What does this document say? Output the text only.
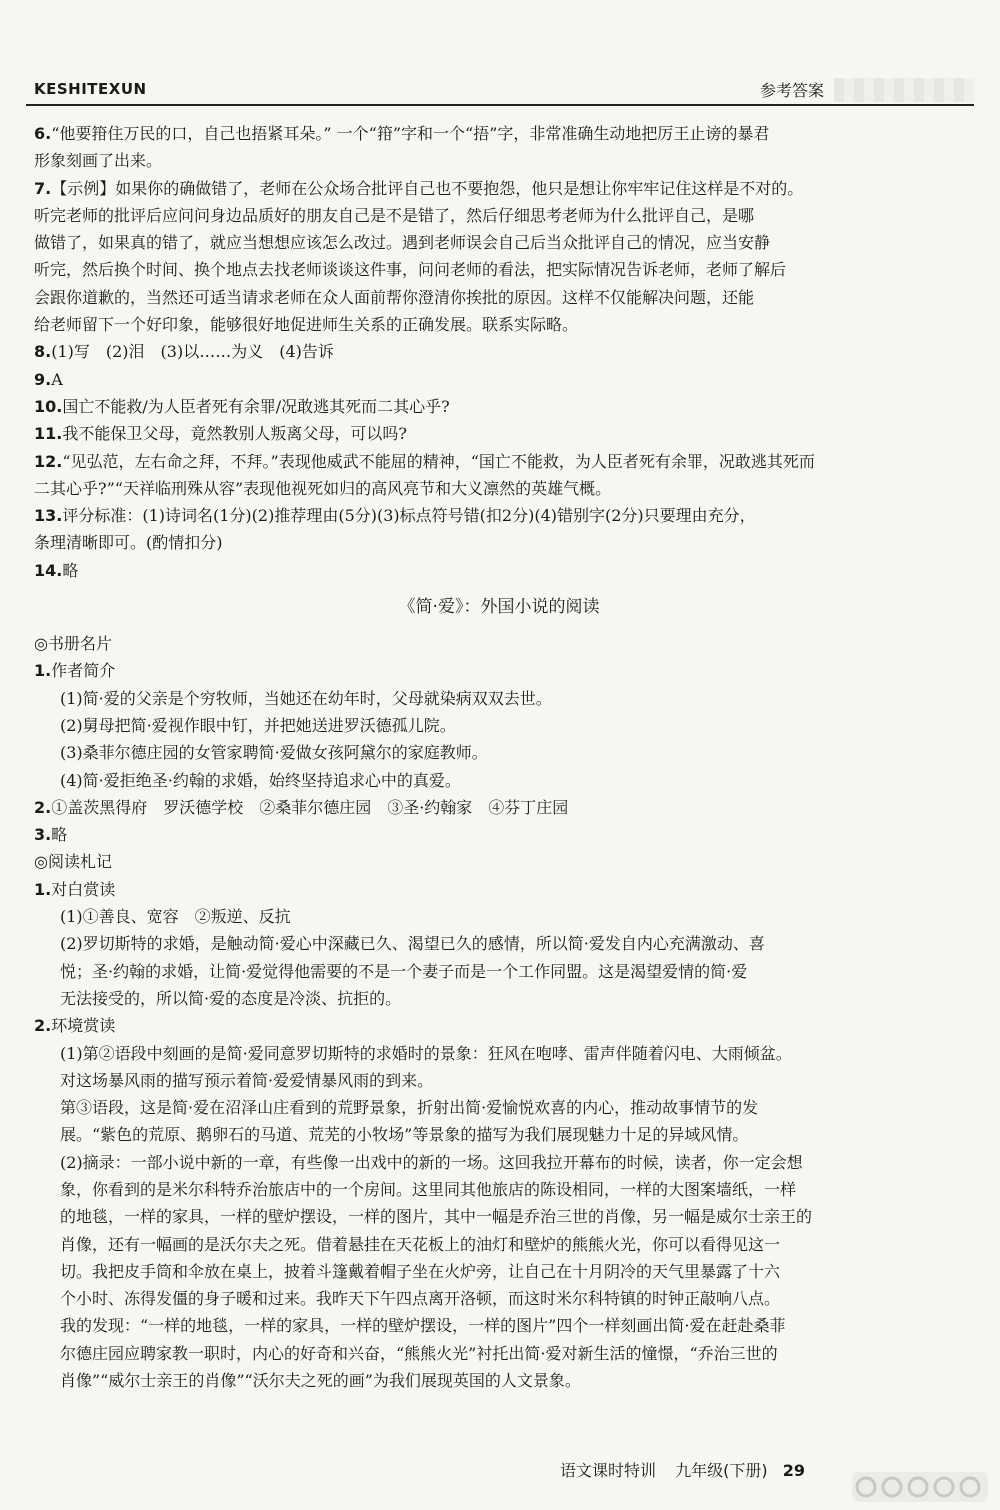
KESHITEXUN	参考答案
6.“他要箝住万民的口，自己也捂紧耳朵。” 一个“箝”字和一个“捂”字，非常准确生动地把厉王止谤的暴君
形象刻画了出来。
7.【示例】如果你的确做错了，老师在公众场合批评自己也不要抱怨，他只是想让你牢牢记住这样是不对的。
听完老师的批评后应问问身边品质好的朋友自己是不是错了，然后仔细思考老师为什么批评自己，是哪
做错了，如果真的错了，就应当想想应该怎么改过。遇到老师误会自己后当众批评自己的情况，应当安静
听完，然后换个时间、换个地点去找老师谈谈这件事，问问老师的看法，把实际情况告诉老师，老师了解后
会跟你道歉的，当然还可适当请求老师在众人面前帮你澄清你挨批的原因。这样不仅能解决问题，还能
给老师留下一个好印象，能够很好地促进师生关系的正确发展。联系实际略。
8.(1)写　(2)泪　(3)以……为义　(4)告诉
9.A
10.国亡不能救/为人臣者死有余罪/况敢逃其死而二其心乎?
11.我不能保卫父母，竟然教别人叛离父母，可以吗?
12.“见弘范，左右命之拜，不拜。”表现他威武不能屈的精神，“国亡不能救，为人臣者死有余罪，况敢逃其死而
二其心乎?”“天祥临刑殊从容”表现他视死如归的高风亮节和大义凛然的英雄气概。
13.评分标准：(1)诗词名(1分)(2)推荐理由(5分)(3)标点符号错(扣2分)(4)错别字(2分)只要理由充分，
条理清晰即可。(酌情扣分)
14.略
《简·爱》：外国小说的阅读
◎书册名片
1.作者简介
(1)简·爱的父亲是个穷牧师，当她还在幼年时，父母就染病双双去世。
(2)舅母把简·爱视作眼中钉，并把她送进罗沃德孤儿院。
(3)桑菲尔德庄园的女管家聘简·爱做女孩阿黛尔的家庭教师。
(4)简·爱拒绝圣·约翰的求婚，始终坚持追求心中的真爱。
2.①盖茨黑得府　罗沃德学校　②桑菲尔德庄园　③圣·约翰家　④芬丁庄园
3.略
◎阅读札记
1.对白赏读
(1)①善良、宽容　②叛逆、反抗
(2)罗切斯特的求婚，是触动简·爱心中深藏已久、渴望已久的感情，所以简·爱发自内心充满激动、喜
悦；圣·约翰的求婚，让简·爱觉得他需要的不是一个妻子而是一个工作同盟。这是渴望爱情的简·爱
无法接受的，所以简·爱的态度是冷淡、抗拒的。
2.环境赏读
(1)第②语段中刻画的是简·爱同意罗切斯特的求婚时的景象：狂风在咆哮、雷声伴随着闪电、大雨倾盆。
对这场暴风雨的描写预示着简·爱爱情暴风雨的到来。
第③语段，这是简·爱在沼泽山庄看到的荒野景象，折射出简·爱愉悦欢喜的内心，推动故事情节的发
展。“紫色的荒原、鹅卵石的马道、荒芜的小牧场”等景象的描写为我们展现魅力十足的异域风情。
(2)摘录：一部小说中新的一章，有些像一出戏中的新的一场。这回我拉开幕布的时候，读者，你一定会想
象，你看到的是米尔科特乔治旅店中的一个房间。这里同其他旅店的陈设相同，一样的大图案墙纸，一样
的地毯，一样的家具，一样的壁炉摆设，一样的图片，其中一幅是乔治三世的肖像，另一幅是威尔士亲王的
肖像，还有一幅画的是沃尔夫之死。借着悬挂在天花板上的油灯和壁炉的熊熊火光，你可以看得见这一
切。我把皮手筒和伞放在桌上，披着斗篷戴着帽子坐在火炉旁，让自己在十月阴冷的天气里暴露了十六
个小时、冻得发僵的身子暖和过来。我昨天下午四点离开洛顿，而这时米尔科特镇的时钟正敲响八点。
我的发现：“一样的地毯，一样的家具，一样的壁炉摆设，一样的图片”四个一样刻画出简·爱在赶赴桑菲
尔德庄园应聘家教一职时，内心的好奇和兴奋，“熊熊火光”衬托出简·爱对新生活的憧憬，“乔治三世的
肖像”“威尔士亲王的肖像”“沃尔夫之死的画”为我们展现英国的人文景象。
语文课时特训 九年级(下册) 29
